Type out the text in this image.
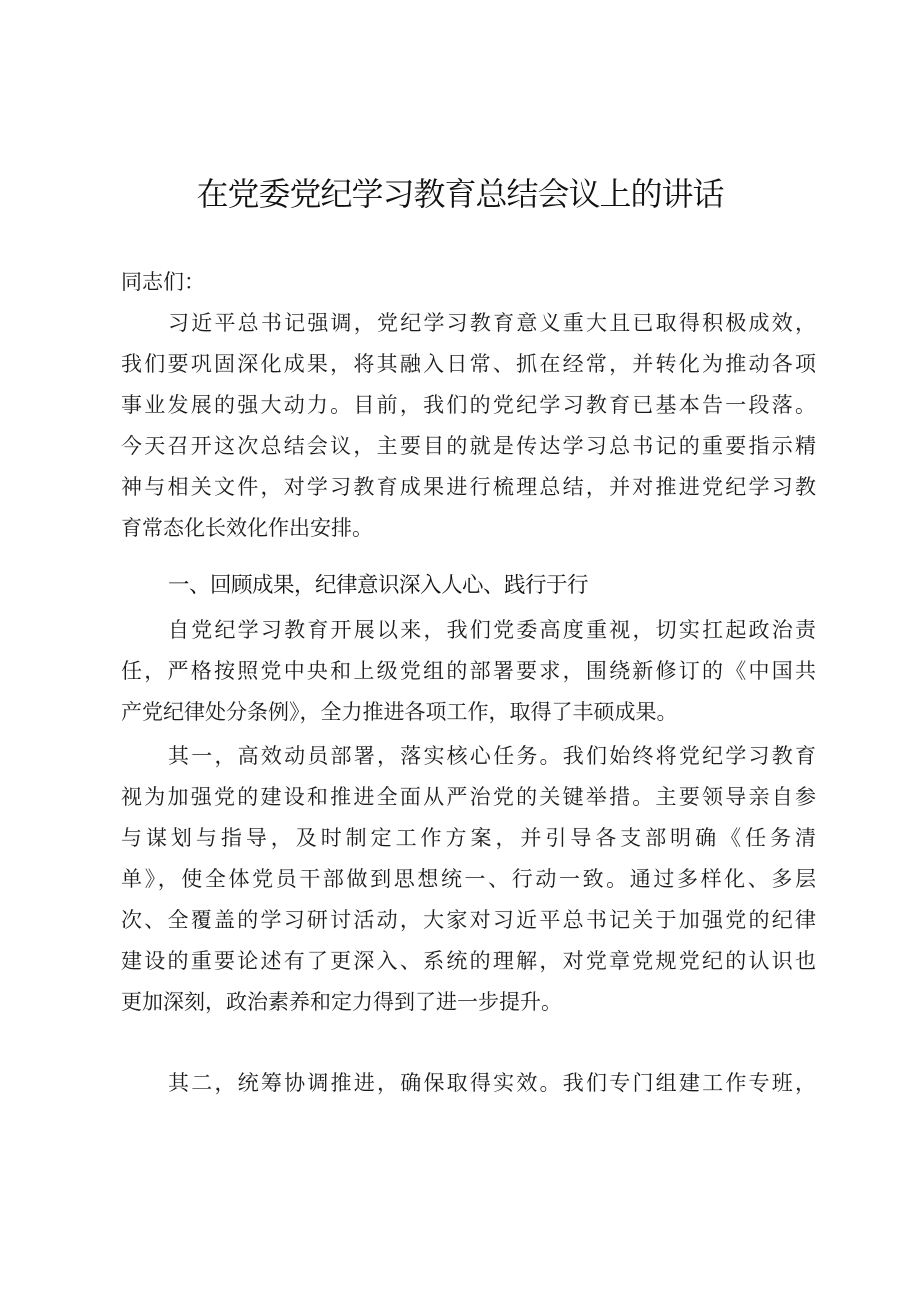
在党委党纪学习教育总结会议上的讲话
同志们：
习近平总书记强调，党纪学习教育意义重大且已取得积极成效，
我们要巩固深化成果，将其融入日常、抓在经常，并转化为推动各项
事业发展的强大动力。目前，我们的党纪学习教育已基本告一段落。
今天召开这次总结会议，主要目的就是传达学习总书记的重要指示精
神与相关文件，对学习教育成果进行梳理总结，并对推进党纪学习教
育常态化长效化作出安排。
一、回顾成果，纪律意识深入人心、践行于行
自党纪学习教育开展以来，我们党委高度重视，切实扛起政治责
任，严格按照党中央和上级党组的部署要求，围绕新修订的《中国共
产党纪律处分条例》，全力推进各项工作，取得了丰硕成果。
其一，高效动员部署，落实核心任务。我们始终将党纪学习教育
视为加强党的建设和推进全面从严治党的关键举措。主要领导亲自参
与谋划与指导，及时制定工作方案，并引导各支部明确《任务清
单》，使全体党员干部做到思想统一、行动一致。通过多样化、多层
次、全覆盖的学习研讨活动，大家对习近平总书记关于加强党的纪律
建设的重要论述有了更深入、系统的理解，对党章党规党纪的认识也
更加深刻，政治素养和定力得到了进一步提升。
其二，统筹协调推进，确保取得实效。我们专门组建工作专班，
